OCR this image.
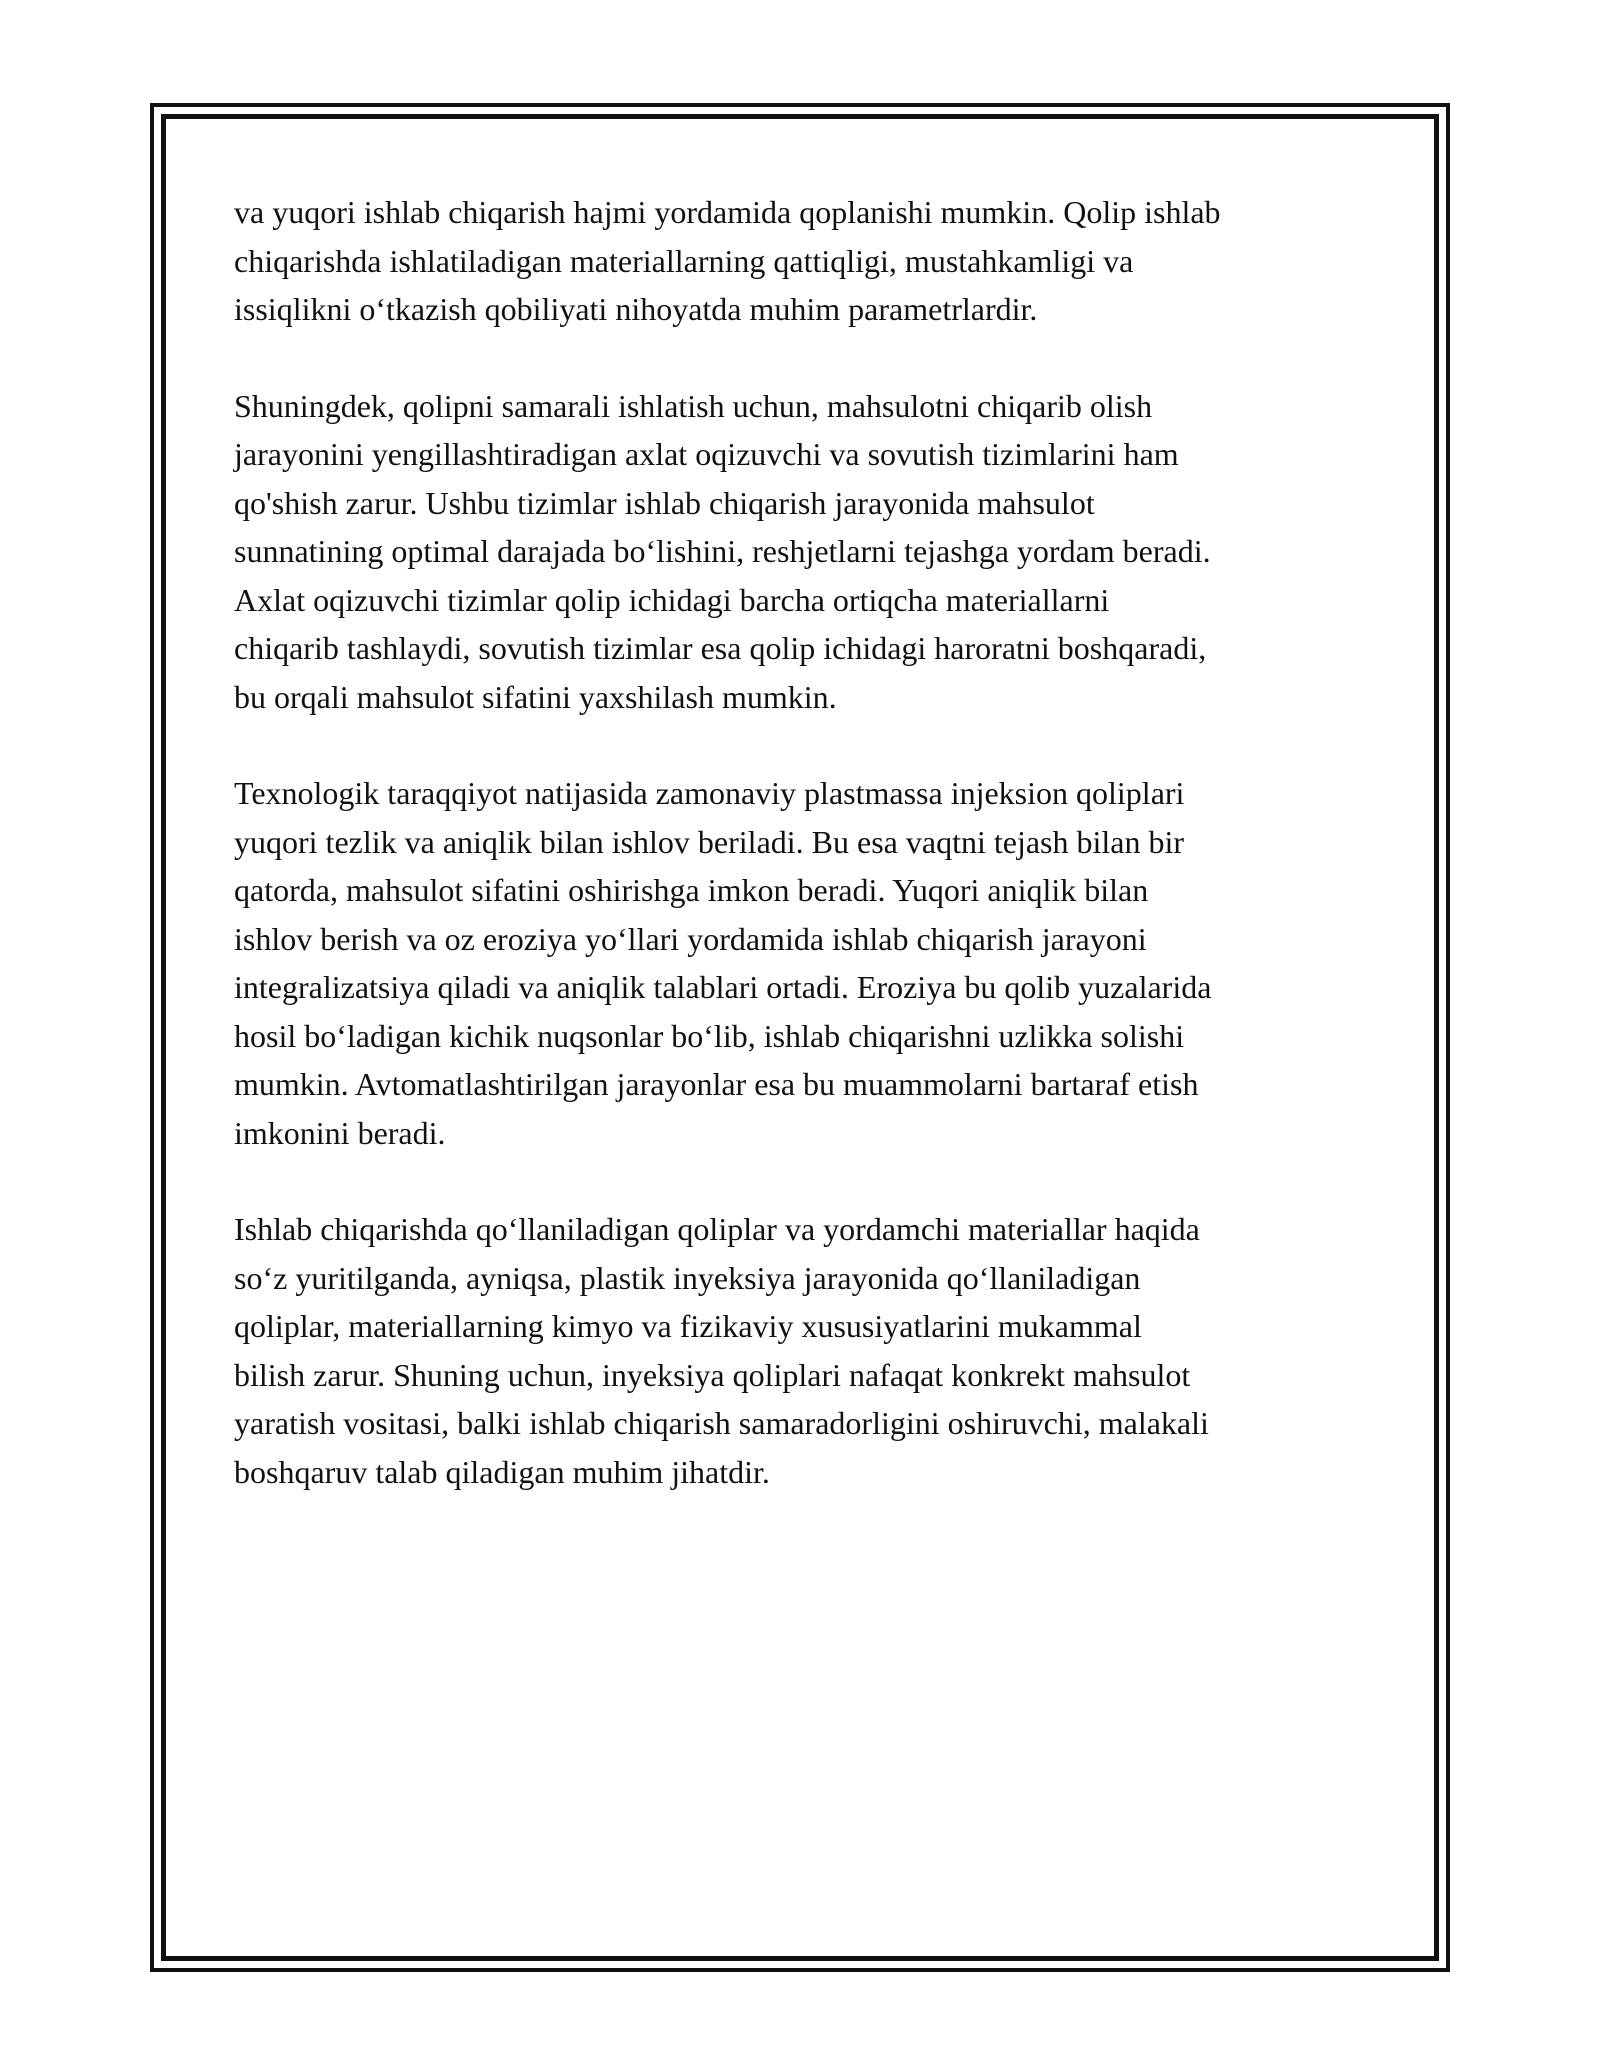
va yuqori ishlab chiqarish hajmi yordamida qoplanishi mumkin. Qolip ishlab
chiqarishda ishlatiladigan materiallarning qattiqligi, mustahkamligi va
issiqlikni o‘tkazish qobiliyati nihoyatda muhim parametrlardir.

Shuningdek, qolipni samarali ishlatish uchun, mahsulotni chiqarib olish
jarayonini yengillashtiradigan axlat oqizuvchi va sovutish tizimlarini ham
qo'shish zarur. Ushbu tizimlar ishlab chiqarish jarayonida mahsulot
sunnatining optimal darajada bo‘lishini, reshjetlarni tejashga yordam beradi.
Axlat oqizuvchi tizimlar qolip ichidagi barcha ortiqcha materiallarni
chiqarib tashlaydi, sovutish tizimlar esa qolip ichidagi haroratni boshqaradi,
bu orqali mahsulot sifatini yaxshilash mumkin.

Texnologik taraqqiyot natijasida zamonaviy plastmassa injeksion qoliplari
yuqori tezlik va aniqlik bilan ishlov beriladi. Bu esa vaqtni tejash bilan bir
qatorda, mahsulot sifatini oshirishga imkon beradi. Yuqori aniqlik bilan
ishlov berish va oz eroziya yo‘llari yordamida ishlab chiqarish jarayoni
integralizatsiya qiladi va aniqlik talablari ortadi. Eroziya bu qolib yuzalarida
hosil bo‘ladigan kichik nuqsonlar bo‘lib, ishlab chiqarishni uzlikka solishi
mumkin. Avtomatlashtirilgan jarayonlar esa bu muammolarni bartaraf etish
imkonini beradi.

Ishlab chiqarishda qo‘llaniladigan qoliplar va yordamchi materiallar haqida
so‘z yuritilganda, ayniqsa, plastik inyeksiya jarayonida qo‘llaniladigan
qoliplar, materiallarning kimyo va fizikaviy xususiyatlarini mukammal
bilish zarur. Shuning uchun, inyeksiya qoliplari nafaqat konkrekt mahsulot
yaratish vositasi, balki ishlab chiqarish samaradorligini oshiruvchi, malakali
boshqaruv talab qiladigan muhim jihatdir.
